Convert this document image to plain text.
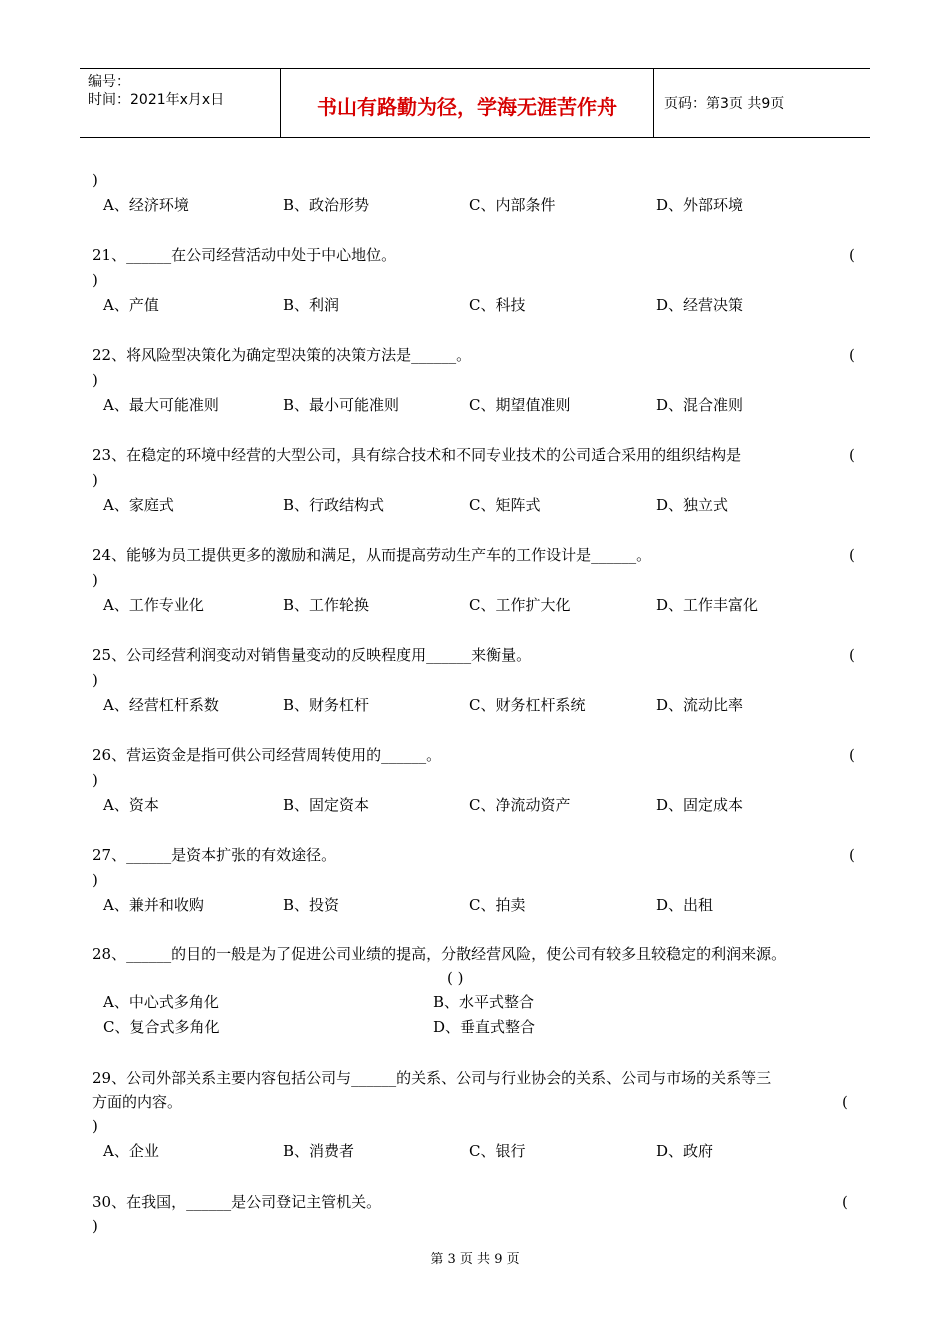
编号：
时间：2021年x月x日	书山有路勤为径，学海无涯苦作舟	页码：第3页 共9页
)
A、经济环境	B、政治形势	C、内部条件	D、外部环境
21、______在公司经营活动中处于中心地位。	(
)
A、产值	B、利润	C、科技	D、经营决策
22、将风险型决策化为确定型决策的决策方法是______。	(
)
A、最大可能准则	B、最小可能准则	C、期望值准则	D、混合准则
23、在稳定的环境中经营的大型公司，具有综合技术和不同专业技术的公司适合采用的组织结构是	(
)
A、家庭式	B、行政结构式	C、矩阵式	D、独立式
24、能够为员工提供更多的激励和满足，从而提高劳动生产车的工作设计是______。	(
)
A、工作专业化	B、工作轮换	C、工作扩大化	D、工作丰富化
25、公司经营利润变动对销售量变动的反映程度用______来衡量。	(
)
A、经营杠杆系数	B、财务杠杆	C、财务杠杆系统	D、流动比率
26、营运资金是指可供公司经营周转使用的______。	(
)
A、资本	B、固定资本	C、净流动资产	D、固定成本
27、______是资本扩张的有效途径。	(
)
A、兼并和收购	B、投资	C、拍卖	D、出租
28、______的目的一般是为了促进公司业绩的提高，分散经营风险，使公司有较多且较稳定的利润来源。
( )
A、中心式多角化	B、水平式整合
C、复合式多角化	D、垂直式整合
29、公司外部关系主要内容包括公司与______的关系、公司与行业协会的关系、公司与市场的关系等三
方面的内容。	(
)
A、企业	B、消费者	C、银行	D、政府
30、在我国，______是公司登记主管机关。	(
)
第 3 页 共 9 页
